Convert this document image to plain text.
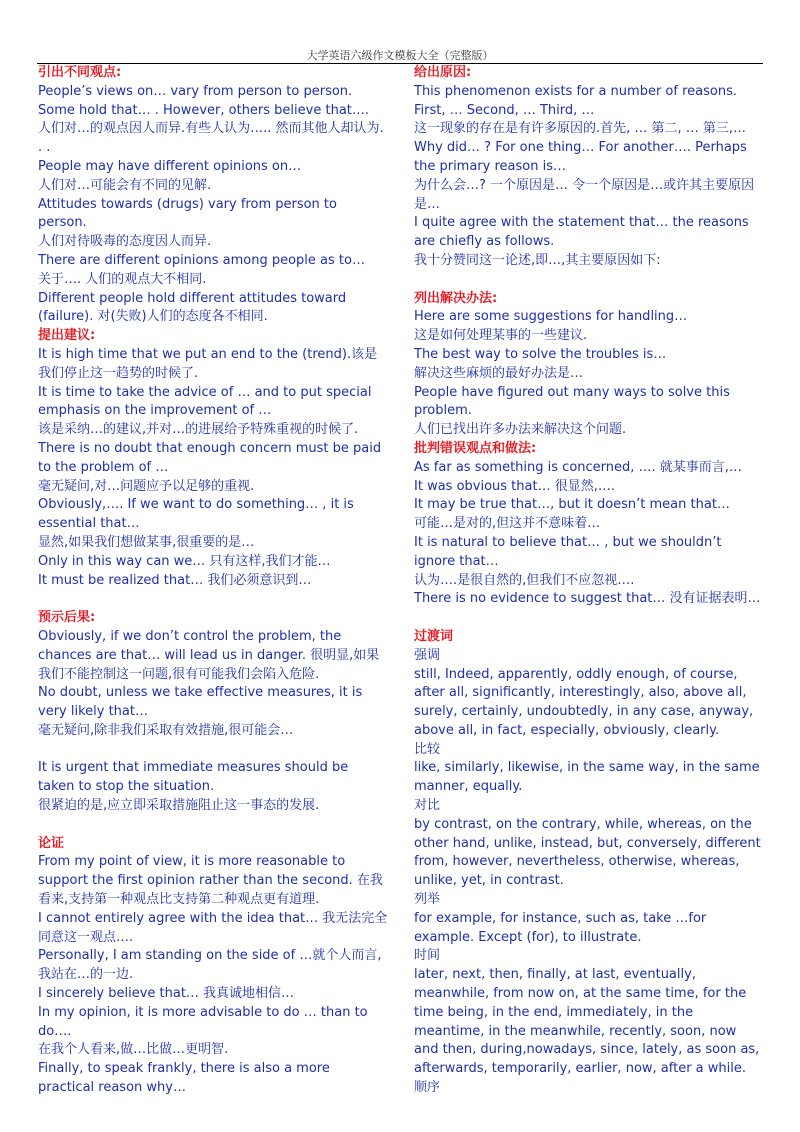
大学英语六级作文模板大全（完整版）

引出不同观点:

People’s views on… vary from person to person. Some hold that… . However, others believe that….

人们对…的观点因人而异.有些人认为….. 然而其他人却认为. . .

People may have different opinions on…

人们对…可能会有不同的见解.

Attitudes towards (drugs) vary from person to person.

人们对待吸毒的态度因人而异.

There are different opinions among people as to…

关于…. 人们的观点大不相同.

Different people hold different attitudes toward (failure). 对(失败)人们的态度各不相同.

提出建议:

It is high time that we put an end to the (trend).该是我们停止这一趋势的时候了.

It is time to take the advice of … and to put special emphasis on the improvement of …

该是采纳…的建议,并对…的进展给予特殊重视的时候了.

There is no doubt that enough concern must be paid to the problem of …

毫无疑问,对…问题应予以足够的重视.

Obviously,…. If we want to do something… , it is essential that…

显然,如果我们想做某事,很重要的是…

Only in this way can we… 只有这样,我们才能…

It must be realized that… 我们必须意识到…

预示后果:

Obviously, if we don’t control the problem, the chances are that… will lead us in danger. 很明显,如果我们不能控制这一问题,很有可能我们会陷入危险.

No doubt, unless we take effective measures, it is very likely that…

毫无疑问,除非我们采取有效措施,很可能会…

It is urgent that immediate measures should be taken to stop the situation.

很紧迫的是,应立即采取措施阻止这一事态的发展.

论证

From my point of view, it is more reasonable to support the first opinion rather than the second. 在我看来,支持第一种观点比支持第二种观点更有道理.

I cannot entirely agree with the idea that… 我无法完全同意这一观点….

Personally, I am standing on the side of …就个人而言,我站在…的一边.

I sincerely believe that… 我真诚地相信…

In my opinion, it is more advisable to do … than to do….

在我个人看来,做…比做…更明智.

Finally, to speak frankly, there is also a more practical reason why…

给出原因:

This phenomenon exists for a number of reasons. First, … Second, … Third, …

这一现象的存在是有许多原因的.首先, … 第二, … 第三,…

Why did… ? For one thing… For another…. Perhaps the primary reason is…

为什么会…? 一个原因是… 令一个原因是…或许其主要原因是…

I quite agree with the statement that… the reasons are chiefly as follows.

我十分赞同这一论述,即…,其主要原因如下:

列出解决办法:

Here are some suggestions for handling…

这是如何处理某事的一些建议.

The best way to solve the troubles is…

解决这些麻烦的最好办法是…

People have figured out many ways to solve this problem.

人们已找出许多办法来解决这个问题.

批判错误观点和做法:

As far as something is concerned, …. 就某事而言,…

It was obvious that… 很显然,….

It may be true that…, but it doesn’t mean that…

可能…是对的,但这并不意味着…

It is natural to believe that… , but we shouldn’t ignore that…

认为….是很自然的,但我们不应忽视….

There is no evidence to suggest that… 没有证据表明…

过渡词

强调

still, Indeed, apparently, oddly enough, of course, after all, significantly, interestingly, also, above all, surely, certainly, undoubtedly, in any case, anyway, above all, in fact, especially, obviously, clearly.

比较

like, similarly, likewise, in the same way, in the same manner, equally.

对比

by contrast, on the contrary, while, whereas, on the other hand, unlike, instead, but, conversely, different from, however, nevertheless, otherwise, whereas, unlike, yet, in contrast.

列举

for example, for instance, such as, take …for example. Except (for), to illustrate.

时间

later, next, then, finally, at last, eventually, meanwhile, from now on, at the same time, for the time being, in the end, immediately, in the meantime, in the meanwhile, recently, soon, now and then, during,nowadays, since, lately, as soon as, afterwards, temporarily, earlier, now, after a while.

顺序
